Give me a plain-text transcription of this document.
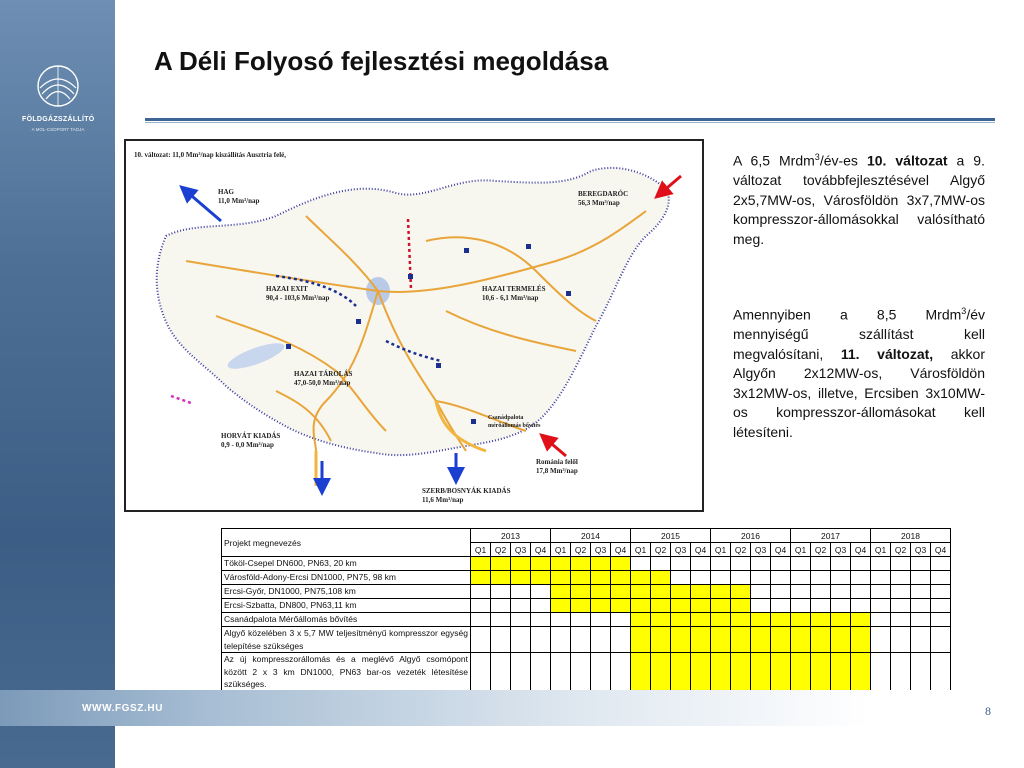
FÖLDGÁZSZÁLLÍTÓ
A MOL-CSOPORT TAGJA
A Déli Folyosó fejlesztési megoldása
10. változat: 11,0 Mm³/nap kiszállítás Ausztria felé,
HAG
11,0 Mm³/nap
BEREGDARÓC
56,3 Mm³/nap
HAZAI EXIT
90,4 - 103,6 Mm³/nap
HAZAI TERMELÉS
10,6 - 6,1 Mm³/nap
HAZAI TÁROLÁS
47,0-50,0 Mm³/nap
Csanádpalota
mérőállomás bővítés
HORVÁT KIADÁS
0,9 - 0,0 Mm³/nap
Románia felől
17,8 Mm³/nap
SZERB/BOSNYÁK KIADÁS
11,6 Mm³/nap

A 6,5 Mrdm$^3$/év-es 10. változat a 9. változat továbbfejlesztésével Algyő 2x5,7MW-os, Városföldön 3x7,7MW-os kompresszor-állomásokkal valósítható meg.

Amennyiben a 8,5 Mrdm$^3$/év mennyiségű szállítást kell megvalósítani, 11. változat, akkor Algyőn 2x12MW-os, Városföldön 3x12MW-os, illetve, Ercsiben 3x10MW-os kompresszor-állomásokat kell létesíteni.

Projekt megnevezés	2013				2014				2015				2016				2017				2018			
	Q1	Q2	Q3	Q4	Q1	Q2	Q3	Q4	Q1	Q2	Q3	Q4	Q1	Q2	Q3	Q4	Q1	Q2	Q3	Q4	Q1	Q2	Q3	Q4
Tököl-Csepel DN600, PN63, 20 km																								
Városföld-Adony-Ercsi DN1000, PN75, 98 km																								
Ercsi-Győr, DN1000, PN75,108 km																								
Ercsi-Szbatta, DN800, PN63,11 km																								
Csanádpalota Mérőállomás bővítés																								
Algyő közelében 3 x 5,7 MW teljesítményű kompresszor egység telepítése szükséges																								
Az új kompresszorállomás és a meglévő Algyő csomópont között 2 x 3 km DN1000, PN63 bar-os vezeték létesítése szükséges.																								

WWW.FGSZ.HU	8
